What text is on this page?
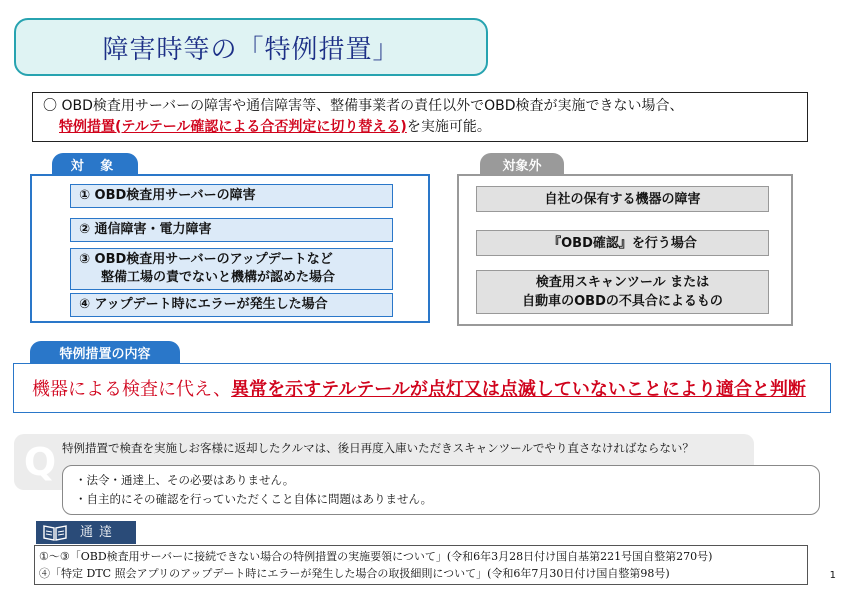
障害時等の「特例措置」
〇 OBD検査用サーバーの障害や通信障害等、整備事業者の責任以外でOBD検査が実施できない場合、
特例措置(テルテール確認による合否判定に切り替える)を実施可能。
対 象
① OBD検査用サーバーの障害
② 通信障害・電力障害
③ OBD検査用サーバーのアップデートなど
整備工場の責でないと機構が認めた場合
④ アップデート時にエラーが発生した場合
対象外
自社の保有する機器の障害
『OBD確認』を行う場合
検査用スキャンツール または
自動車のOBDの不具合によるもの
特例措置の内容
機器による検査に代え、 異常を示すテルテールが点灯又は点滅していないことにより適合と判断
Q 特例措置で検査を実施しお客様に返却したクルマは、後日再度入庫いただきスキャンツールでやり直さなければならない？
・法令・通達上、その必要はありません。
・自主的にその確認を行っていただくこと自体に問題はありません。
通達
①～③「OBD検査用サーバーに接続できない場合の特例措置の実施要領について」(令和6年3月28日付け国自基第221号国自整第270号)
④「特定 DTC 照会アプリのアップデート時にエラーが発生した場合の取扱細則について」(令和6年7月30日付け国自整第98号)	1
